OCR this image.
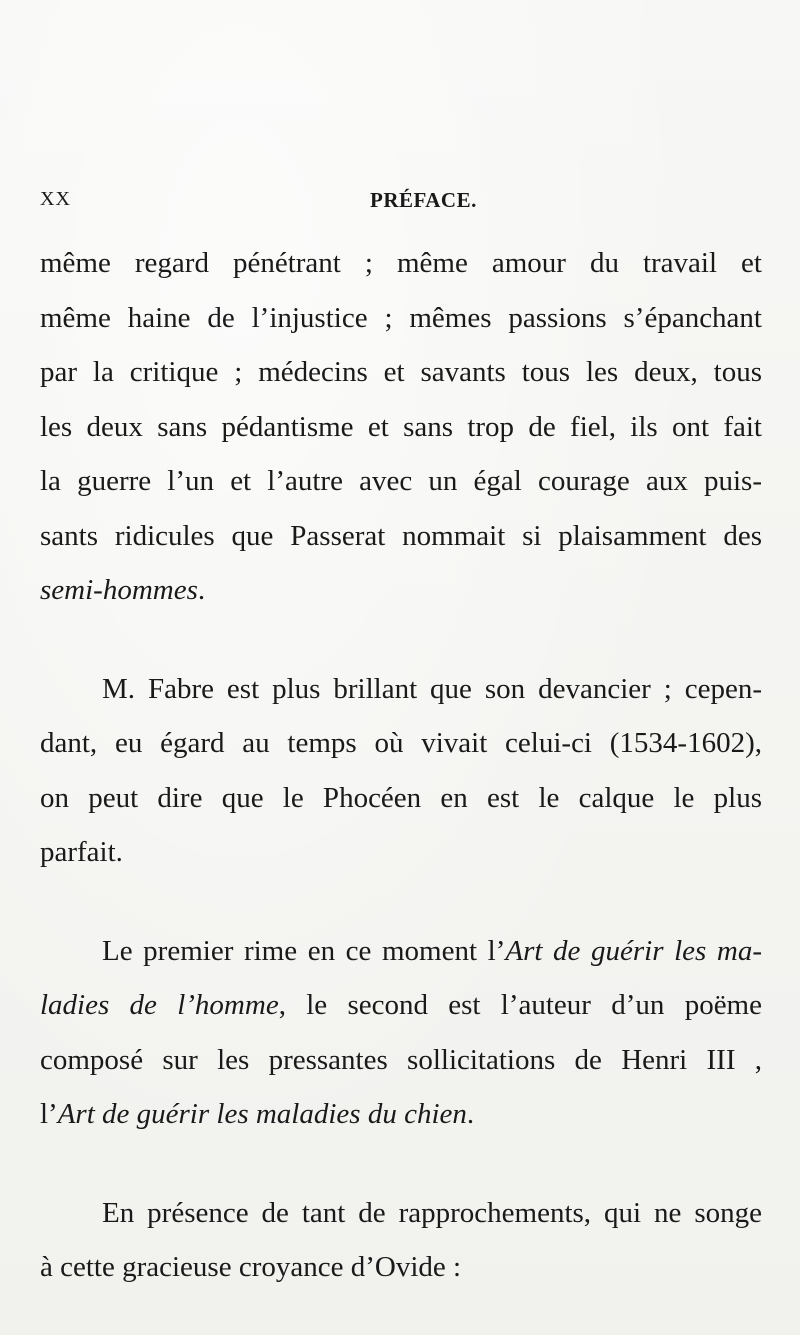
XX	PRÉFACE.
même regard pénétrant ; même amour du travail et
même haine de l’injustice ; mêmes passions s’épanchant
par la critique ; médecins et savants tous les deux, tous
les deux sans pédantisme et sans trop de fiel, ils ont fait
la guerre l’un et l’autre avec un égal courage aux puis-
sants ridicules que Passerat nommait si plaisamment des
semi-hommes.
M. Fabre est plus brillant que son devancier ; cepen-
dant, eu égard au temps où vivait celui-ci (1534-1602),
on peut dire que le Phocéen en est le calque le plus
parfait.
Le premier rime en ce moment l’Art de guérir les ma-
ladies de l’homme, le second est l’auteur d’un poëme
composé sur les pressantes sollicitations de Henri III ,
l’Art de guérir les maladies du chien.
En présence de tant de rapprochements, qui ne songe
à cette gracieuse croyance d’Ovide :
